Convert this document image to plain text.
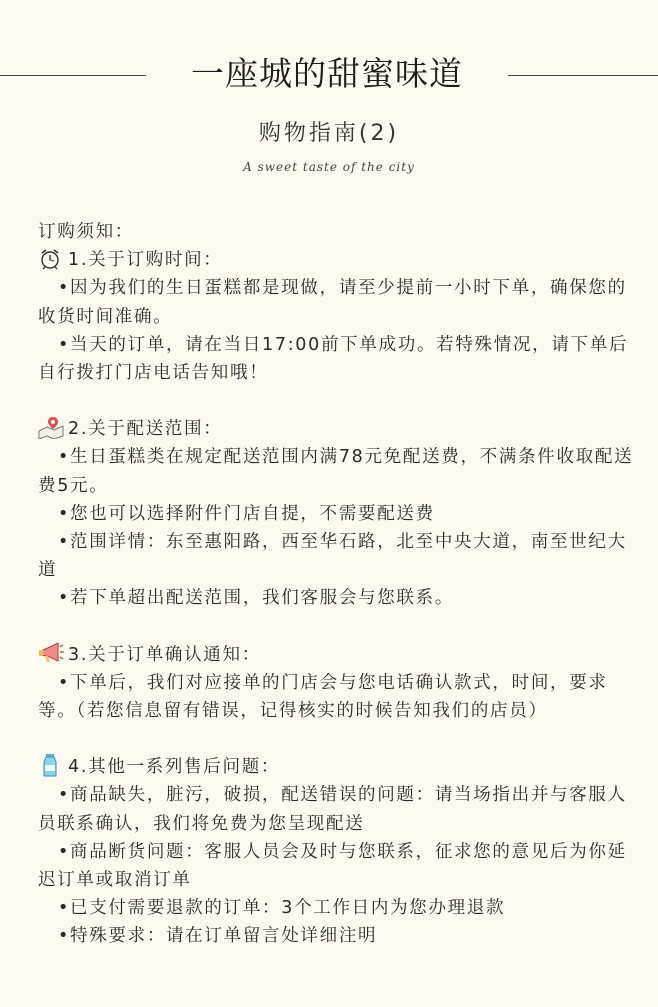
一座城的甜蜜味道
购物指南(2)
A sweet taste of the city

订购须知：

1.关于订购时间：

•因为我们的生日蛋糕都是现做，请至少提前一小时下单，确保您的收货时间准确。

•当天的订单，请在当日17:00前下单成功。若特殊情况，请下单后自行拨打门店电话告知哦！

2.关于配送范围：

•生日蛋糕类在规定配送范围内满78元免配送费，不满条件收取配送费5元。

•您也可以选择附件门店自提，不需要配送费

•范围详情：东至惠阳路，西至华石路，北至中央大道，南至世纪大道

•若下单超出配送范围，我们客服会与您联系。

3.关于订单确认通知：

•下单后，我们对应接单的门店会与您电话确认款式，时间，要求等。（若您信息留有错误，记得核实的时候告知我们的店员）

4.其他一系列售后问题：

•商品缺失，脏污，破损，配送错误的问题：请当场指出并与客服人员联系确认，我们将免费为您呈现配送

•商品断货问题：客服人员会及时与您联系，征求您的意见后为你延迟订单或取消订单

•已支付需要退款的订单：3个工作日内为您办理退款

•特殊要求：请在订单留言处详细注明
